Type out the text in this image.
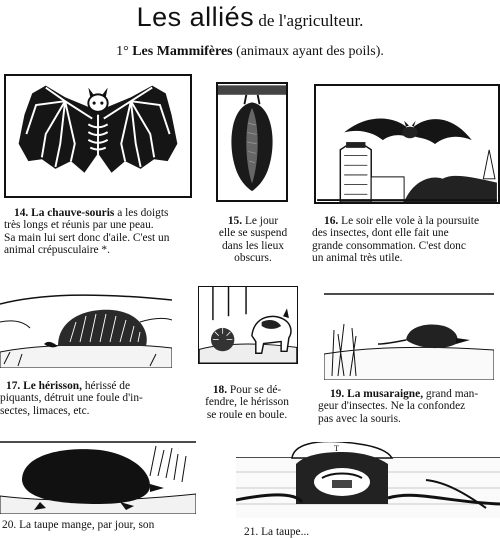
Les alliés de l'agriculteur.
1° Les Mammifères (animaux ayant des poils).
14. La chauve-souris a les doigts
très longs et réunis par une peau.
Sa main lui sert donc d'aile. C'est un
animal crépusculaire *.
15. Le jour
elle se suspend
dans les lieux
obscurs.
16. Le soir elle vole à la poursuite
des insectes, dont elle fait une
grande consommation. C'est donc
un animal très utile.
17. Le hérisson, hérissé de
piquants, détruit une foule d'in-
sectes, limaces, etc.
18. Pour se dé-
fendre, le hérisson
se roule en boule.
19. La musaraigne, grand man-
geur d'insectes. Ne la confondez
pas avec la souris.
T
20. La taupe mange, par jour, son
21. La taupe...
